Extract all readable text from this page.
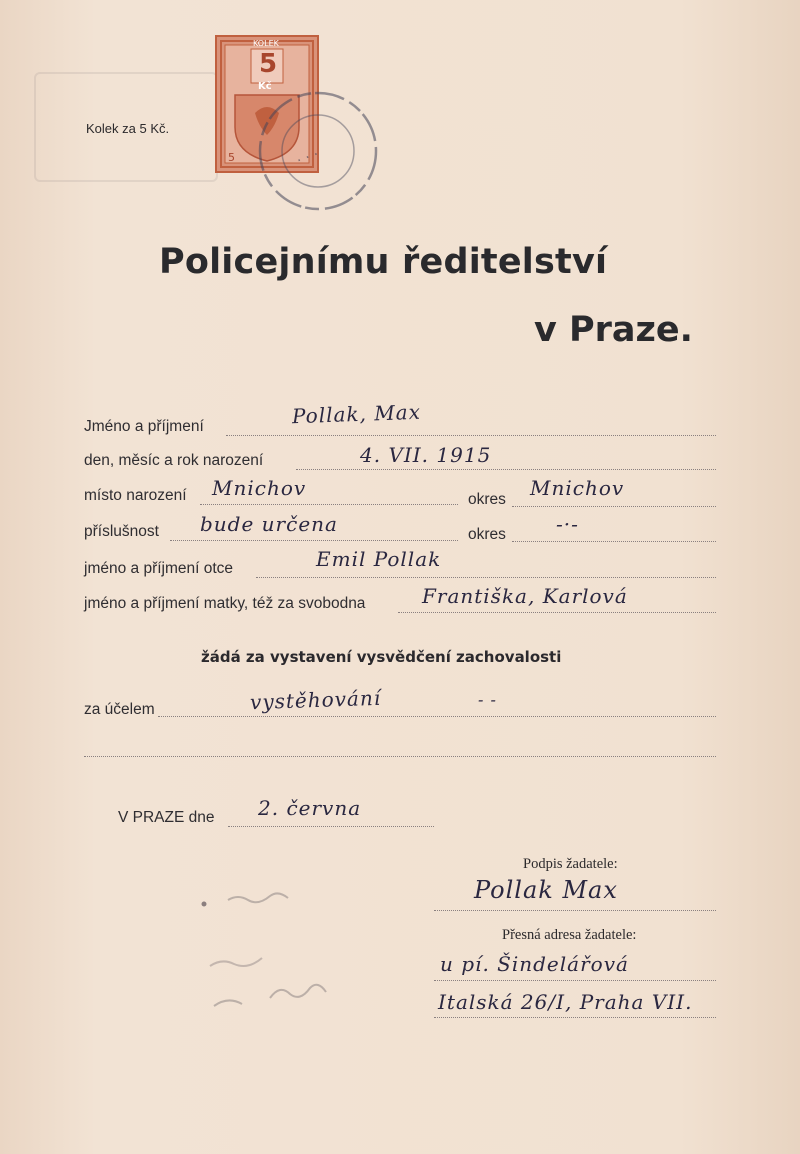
Kolek za 5 Kč.
KOLEK
5
Kč
5	· · ·
Policejnímu ředitelství
v Praze.
Jméno a příjmení	Pollak, Max
den, měsíc a rok narození	4. VII. 1915
místo narození Mnichov	okres Mnichov
příslušnost bude určena	okres	-·-
jméno a příjmení otce	Emil Pollak
jméno a příjmení matky, též za svobodna	Františka, Karlová
žádá za vystavení vysvědčení zachovalosti
za účelem	vystěhování	- -
V PRAZE dne 2. června
Podpis žadatele:
Pollak Max
Přesná adresa žadatele:
u pí. Šindelářová
Italská 26/I, Praha VII.
